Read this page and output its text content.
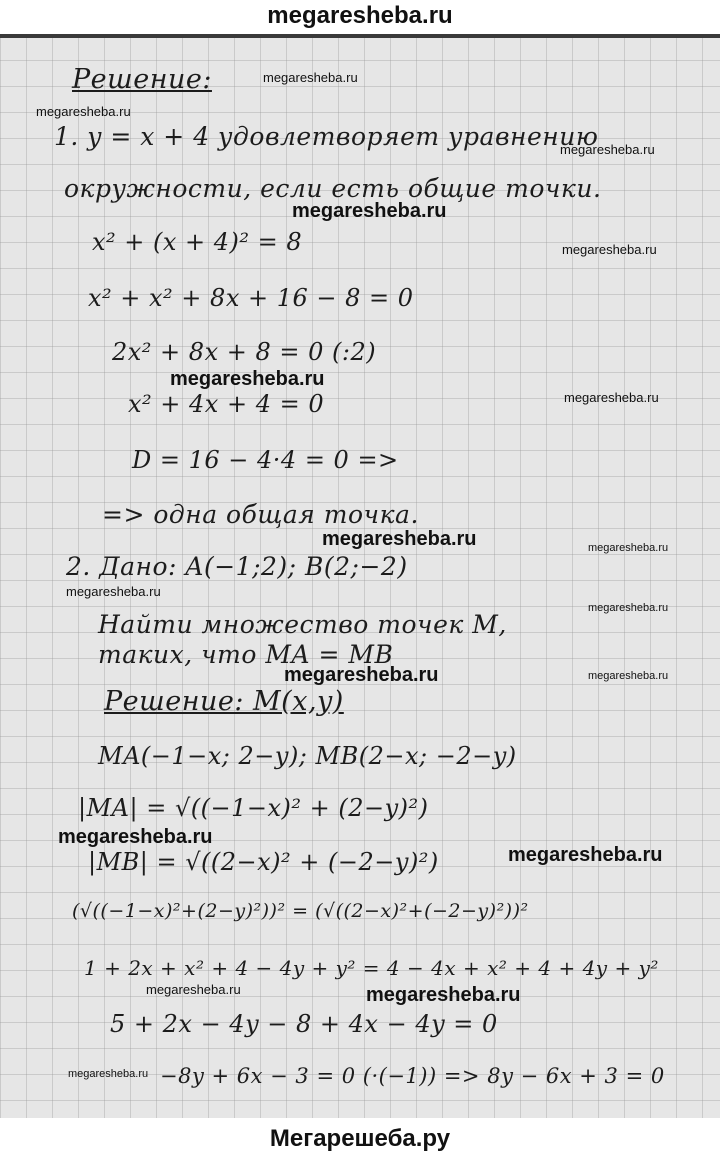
megaresheba.ru
Решение:
1. y = x + 4 удовлетворяет уравнению
окружности, если есть общие точки.
x² + (x + 4)² = 8
x² + x² + 8x + 16 − 8 = 0
2x² + 8x + 8 = 0 (:2)
x² + 4x + 4 = 0
D = 16 − 4·4 = 0 =>
=> одна общая точка.
2. Дано: A(−1;2); B(2;−2)
Найти множество точек M,
таких, что MA = MB
Решение: M(x,y)
MA(−1−x; 2−y); MB(2−x; −2−y)
|MA| = √((−1−x)² + (2−y)²)
|MB| = √((2−x)² + (−2−y)²)
(√((−1−x)²+(2−y)²))² = (√((2−x)²+(−2−y)²))²
1 + 2x + x² + 4 − 4y + y² = 4 − 4x + x² + 4 + 4y + y²
5 + 2x − 4y − 8 + 4x − 4y = 0
−8y + 6x − 3 = 0 (·(−1)) => 8y − 6x + 3 = 0
megaresheba.ru
megaresheba.ru
megaresheba.ru
megaresheba.ru
megaresheba.ru
megaresheba.ru
megaresheba.ru
megaresheba.ru
megaresheba.ru
megaresheba.ru
megaresheba.ru
megaresheba.ru
megaresheba.ru
megaresheba.ru
megaresheba.ru
megaresheba.ru
megaresheba.ru
megaresheba.ru
Мегарешеба.ру
